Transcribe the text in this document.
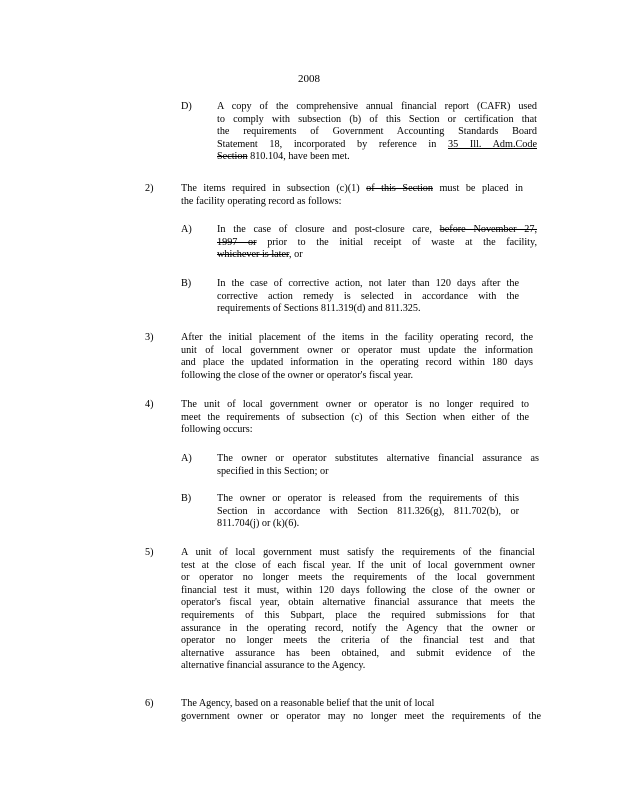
2008
D) A copy of the comprehensive annual financial report (CAFR) used
to comply with subsection (b) of this Section or certification that
the requirements of Government Accounting Standards Board
Statement 18, incorporated by reference in 35 Ill. Adm.Code
Section 810.104, have been met.
2)	The items required in subsection (c)(1) of this Section must be placed in
the facility operating record as follows:
A) In the case of closure and post-closure care, before November 27,
1997 or prior to the initial receipt of waste at the facility,
whichever is later, or
B)	In the case of corrective action, not later than 120 days after the
corrective action remedy is selected in accordance with the
requirements of Sections 811.319(d) and 811.325.
3)	After the initial placement of the items in the facility operating record, the
unit of local government owner or operator must update the information
and place the updated information in the operating record within 180 days
following the close of the owner or operator's fiscal year.
4)	The unit of local government owner or operator is no longer required to
meet the requirements of subsection (c) of this Section when either of the
following occurs:
A) The owner or operator substitutes alternative financial assurance as
specified in this Section; or
B)	The owner or operator is released from the requirements of this
Section in accordance with Section 811.326(g), 811.702(b), or
811.704(j) or (k)(6).
5)	A unit of local government must satisfy the requirements of the financial
test at the close of each fiscal year. If the unit of local government owner
or operator no longer meets the requirements of the local government
financial test it must, within 120 days following the close of the owner or
operator's fiscal year, obtain alternative financial assurance that meets the
requirements of this Subpart, place the required submissions for that
assurance in the operating record, notify the Agency that the owner or
operator no longer meets the criteria of the financial test and that
alternative assurance has been obtained, and submit evidence of the
alternative financial assurance to the Agency.
6)	The Agency, based on a reasonable belief that the unit of local
government owner or operator may no longer meet the requirements of the
